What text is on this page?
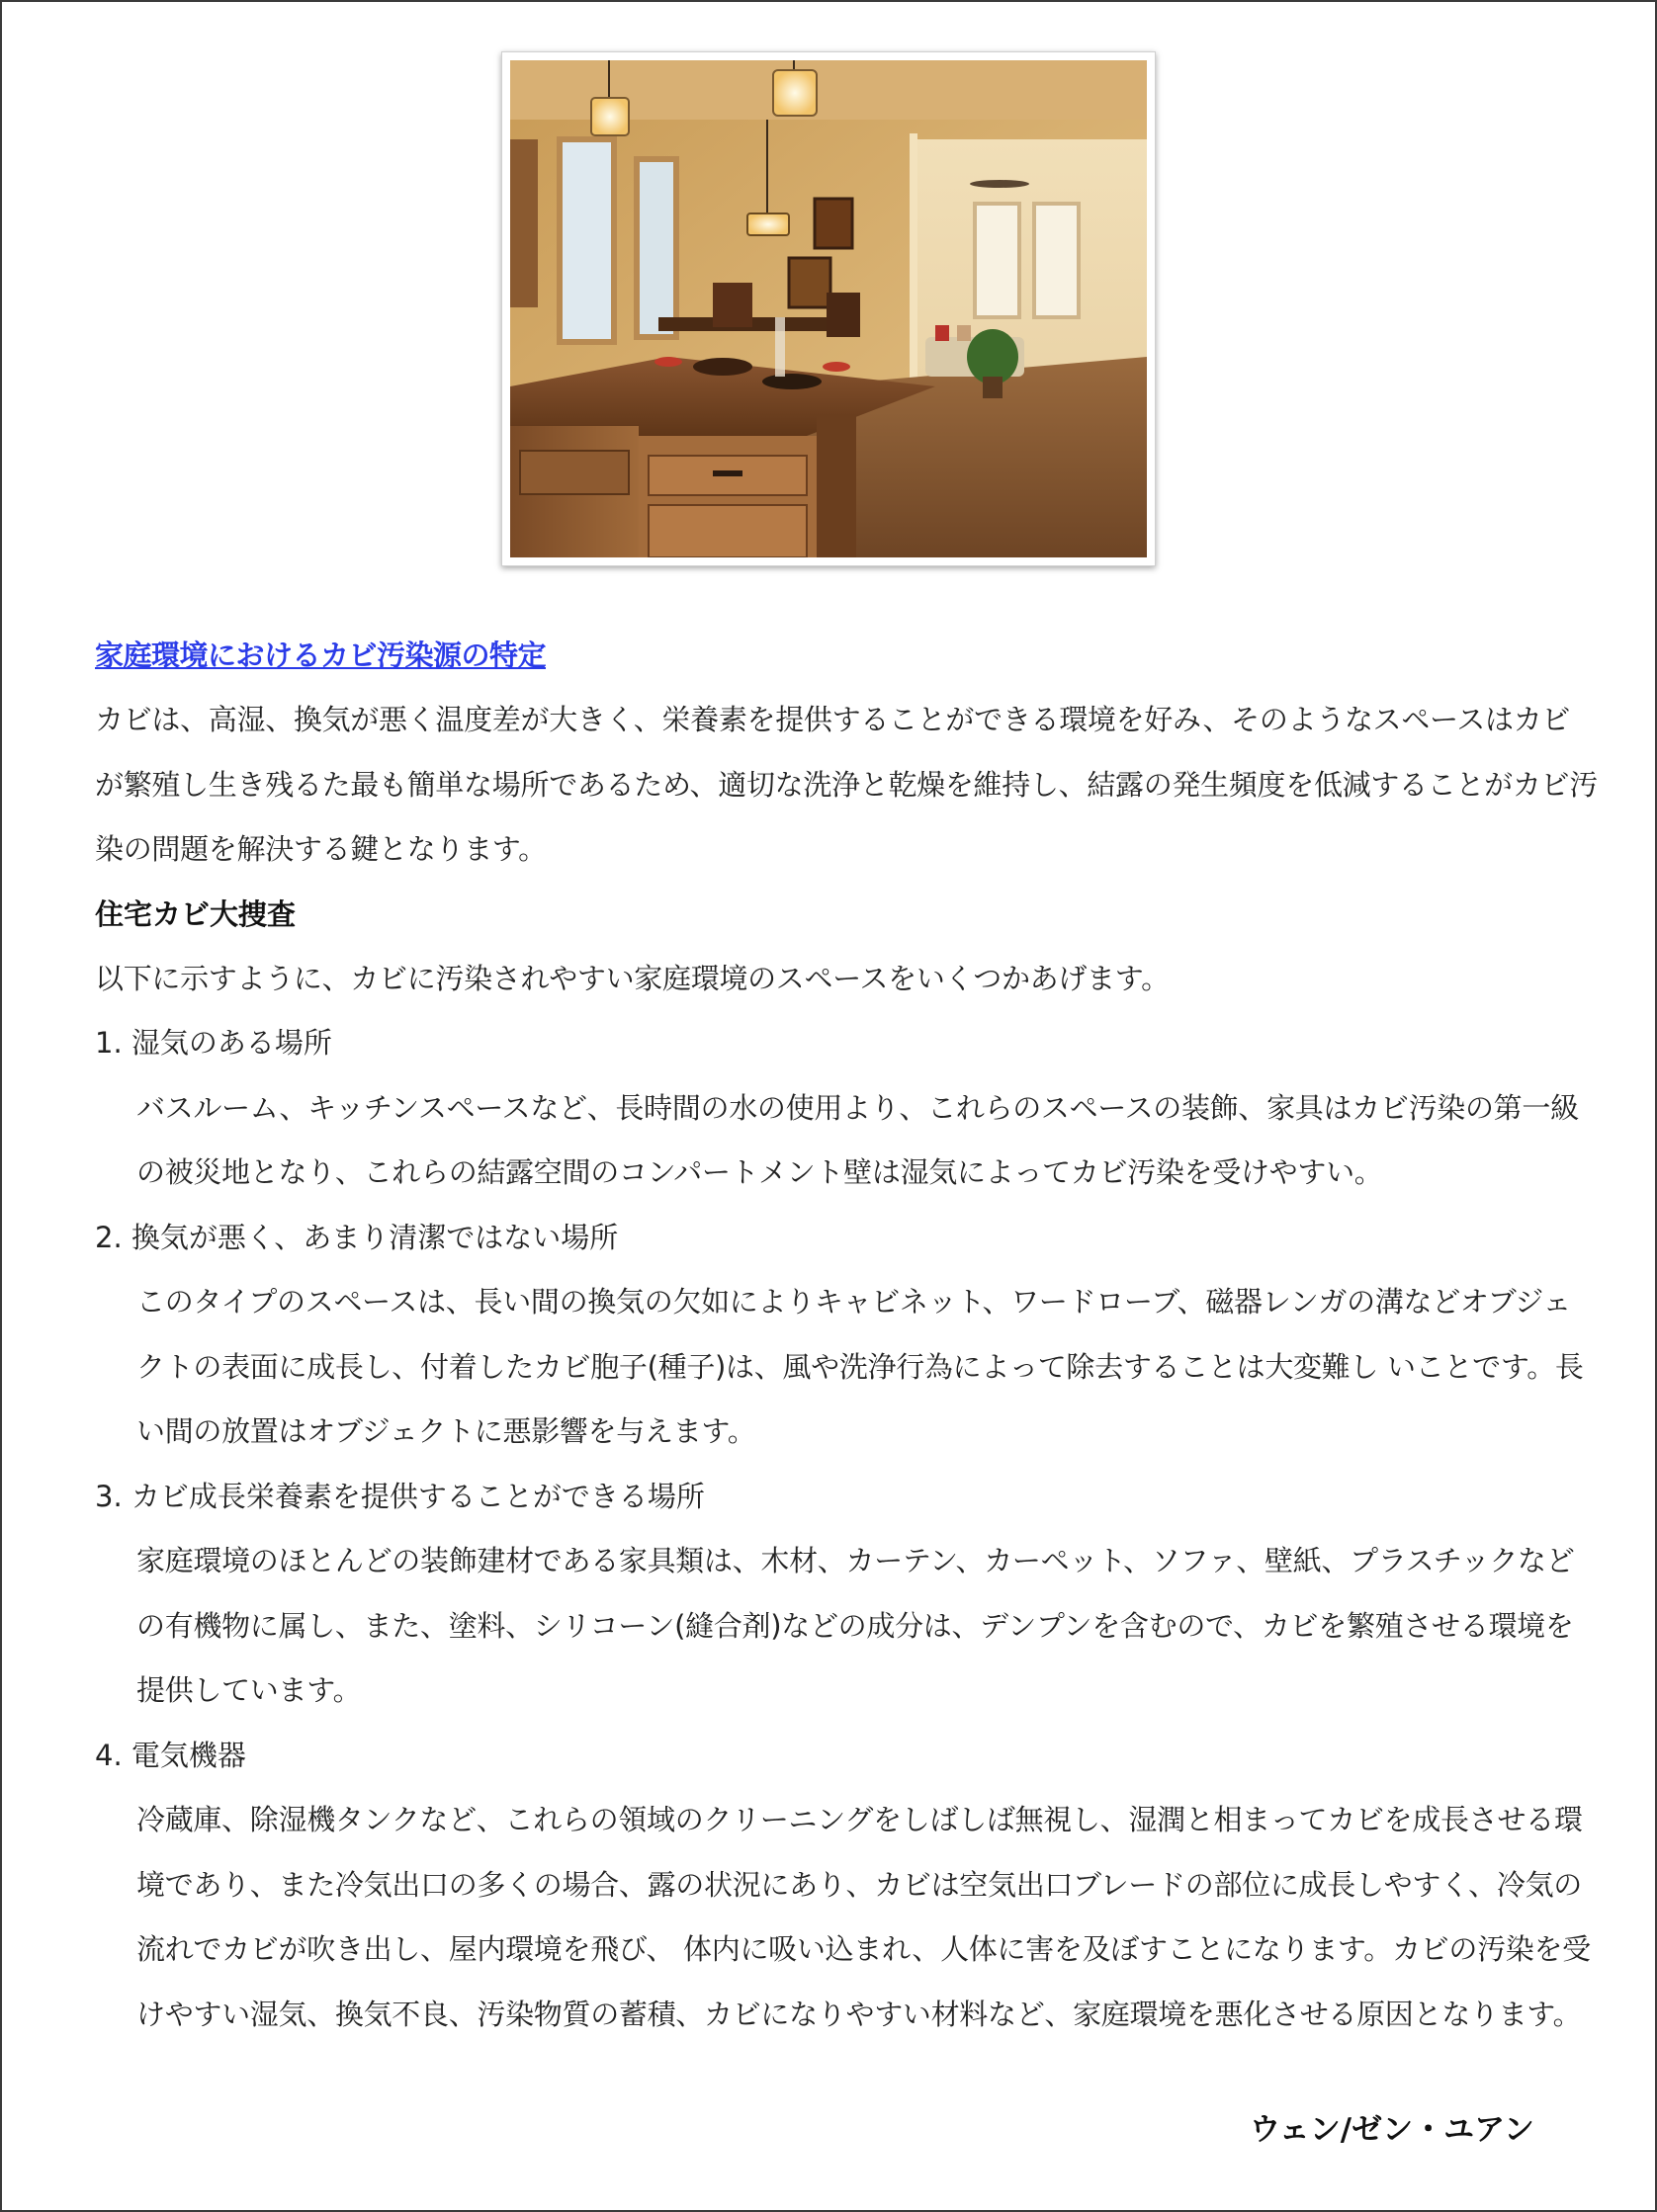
家庭環境におけるカビ汚染源の特定

カビは、高湿、換気が悪く温度差が大きく、栄養素を提供することができる環境を好み、そのようなスペースはカビが繁殖し生き残るた最も簡単な場所であるため、適切な洗浄と乾燥を維持し、結露の発生頻度を低減することがカビ汚染の問題を解決する鍵となります。

住宅カビ大捜査

以下に示すように、カビに汚染されやすい家庭環境のスペースをいくつかあげます。

1. 湿気のある場所

バスルーム、キッチンスペースなど、長時間の水の使用より、これらのスペースの装飾、家具はカビ汚染の第一級の被災地となり、これらの結露空間のコンパートメント壁は湿気によってカビ汚染を受けやすい。

2. 換気が悪く、あまり清潔ではない場所

このタイプのスペースは、長い間の換気の欠如によりキャビネット、ワードローブ、磁器レンガの溝などオブジェクトの表面に成長し、付着したカビ胞子(種子)は、風や洗浄行為によって除去することは大変難し いことです。長い間の放置はオブジェクトに悪影響を与えます。

3. カビ成長栄養素を提供することができる場所

家庭環境のほとんどの装飾建材である家具類は、木材、カーテン、カーペット、ソファ、壁紙、プラスチックなどの有機物に属し、また、塗料、シリコーン(縫合剤)などの成分は、デンプンを含むので、カビを繁殖させる環境を提供しています。

4. 電気機器

冷蔵庫、除湿機タンクなど、これらの領域のクリーニングをしばしば無視し、湿潤と相まってカビを成長させる環境であり、また冷気出口の多くの場合、露の状況にあり、カビは空気出口ブレードの部位に成長しやすく、冷気の流れでカビが吹き出し、屋内環境を飛び、 体内に吸い込まれ、人体に害を及ぼすことになります。カビの汚染を受けやすい湿気、換気不良、汚染物質の蓄積、カビになりやすい材料など、家庭環境を悪化させる原因となります。

ウェン/ゼン・ユアン
